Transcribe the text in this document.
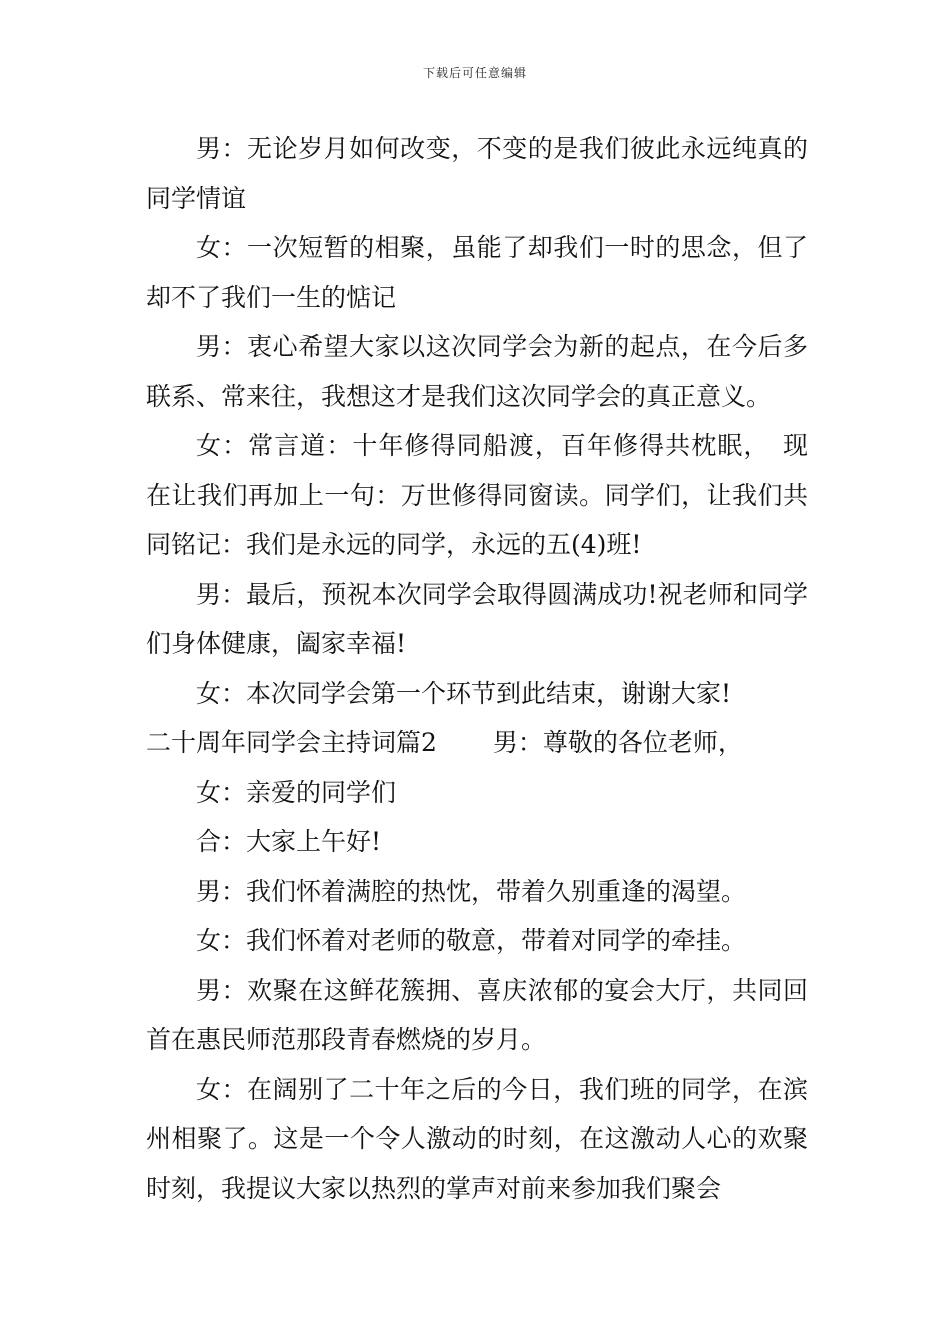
下载后可任意编辑

男：无论岁月如何改变，不变的是我们彼此永远纯真的同学情谊

女：一次短暂的相聚，虽能了却我们一时的思念，但了却不了我们一生的惦记

男：衷心希望大家以这次同学会为新的起点，在今后多联系、常来往，我想这才是我们这次同学会的真正意义。

女：常言道：十年修得同船渡，百年修得共枕眠，　现在让我们再加上一句：万世修得同窗读。同学们，让我们共同铭记：我们是永远的同学，永远的五(4)班!

男：最后，预祝本次同学会取得圆满成功!祝老师和同学们身体健康，阖家幸福!

女：本次同学会第一个环节到此结束，谢谢大家!

二十周年同学会主持词篇2 男：尊敬的各位老师，

女：亲爱的同学们

合：大家上午好!

男：我们怀着满腔的热忱，带着久别重逢的渴望。

女：我们怀着对老师的敬意，带着对同学的牵挂。

男：欢聚在这鲜花簇拥、喜庆浓郁的宴会大厅，共同回首在惠民师范那段青春燃烧的岁月。

女：在阔别了二十年之后的今日，我们班的同学，在滨州相聚了。这是一个令人激动的时刻，在这激动人心的欢聚时刻，我提议大家以热烈的掌声对前来参加我们聚会
